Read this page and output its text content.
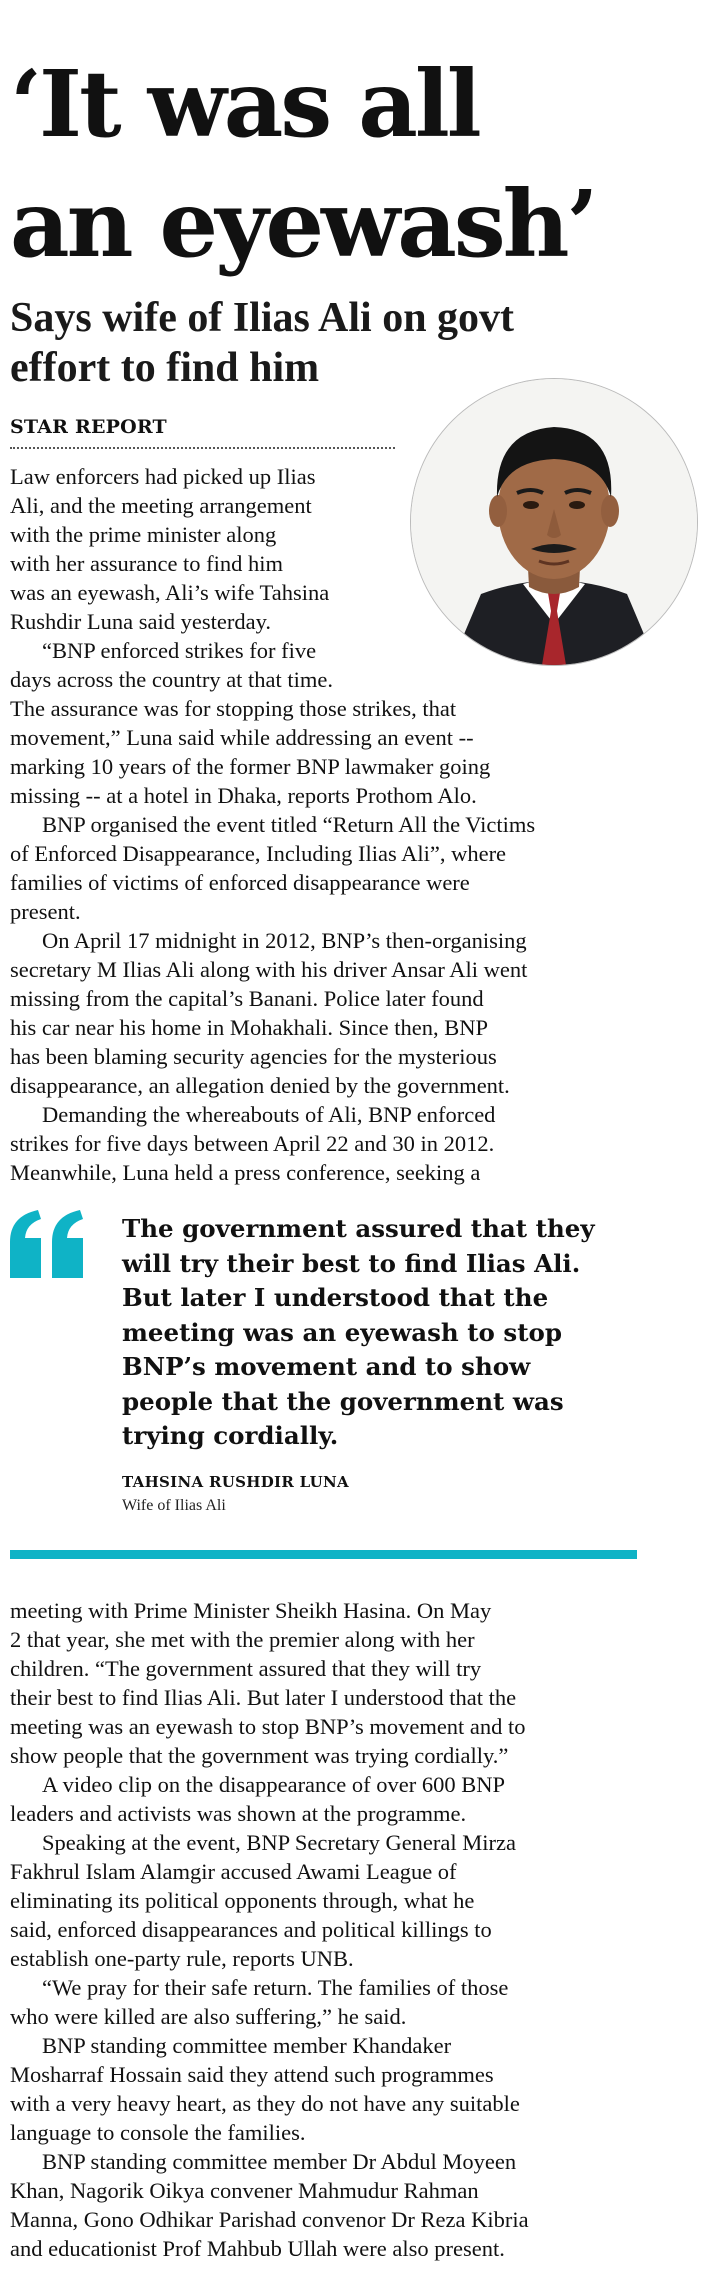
‘It was all
an eyewash’
Says wife of Ilias Ali on govt
effort to find him
STAR REPORT

Law enforcers had picked up Ilias
Ali, and the meeting arrangement
with the prime minister along
with her assurance to find him
was an eyewash, Ali’s wife Tahsina
Rushdir Luna said yesterday.

“BNP enforced strikes for five
days across the country at that time.
The assurance was for stopping those strikes, that
movement,” Luna said while addressing an event --
marking 10 years of the former BNP lawmaker going
missing -- at a hotel in Dhaka, reports Prothom Alo.

BNP organised the event titled “Return All the Victims
of Enforced Disappearance, Including Ilias Ali”, where
families of victims of enforced disappearance were
present.

On April 17 midnight in 2012, BNP’s then-organising
secretary M Ilias Ali along with his driver Ansar Ali went
missing from the capital’s Banani. Police later found
his car near his home in Mohakhali. Since then, BNP
has been blaming security agencies for the mysterious
disappearance, an allegation denied by the government.

Demanding the whereabouts of Ali, BNP enforced
strikes for five days between April 22 and 30 in 2012.
Meanwhile, Luna held a press conference, seeking a

The government assured that they
will try their best to find Ilias Ali.
But later I understood that the
meeting was an eyewash to stop
BNP’s movement and to show
people that the government was
trying cordially.

TAHSINA RUSHDIR LUNA
Wife of Ilias Ali

meeting with Prime Minister Sheikh Hasina. On May
2 that year, she met with the premier along with her
children. “The government assured that they will try
their best to find Ilias Ali. But later I understood that the
meeting was an eyewash to stop BNP’s movement and to
show people that the government was trying cordially.”

A video clip on the disappearance of over 600 BNP
leaders and activists was shown at the programme.

Speaking at the event, BNP Secretary General Mirza
Fakhrul Islam Alamgir accused Awami League of
eliminating its political opponents through, what he
said, enforced disappearances and political killings to
establish one-party rule, reports UNB.

“We pray for their safe return. The families of those
who were killed are also suffering,” he said.

BNP standing committee member Khandaker
Mosharraf Hossain said they attend such programmes
with a very heavy heart, as they do not have any suitable
language to console the families.

BNP standing committee member Dr Abdul Moyeen
Khan, Nagorik Oikya convener Mahmudur Rahman
Manna, Gono Odhikar Parishad convenor Dr Reza Kibria
and educationist Prof Mahbub Ullah were also present.
